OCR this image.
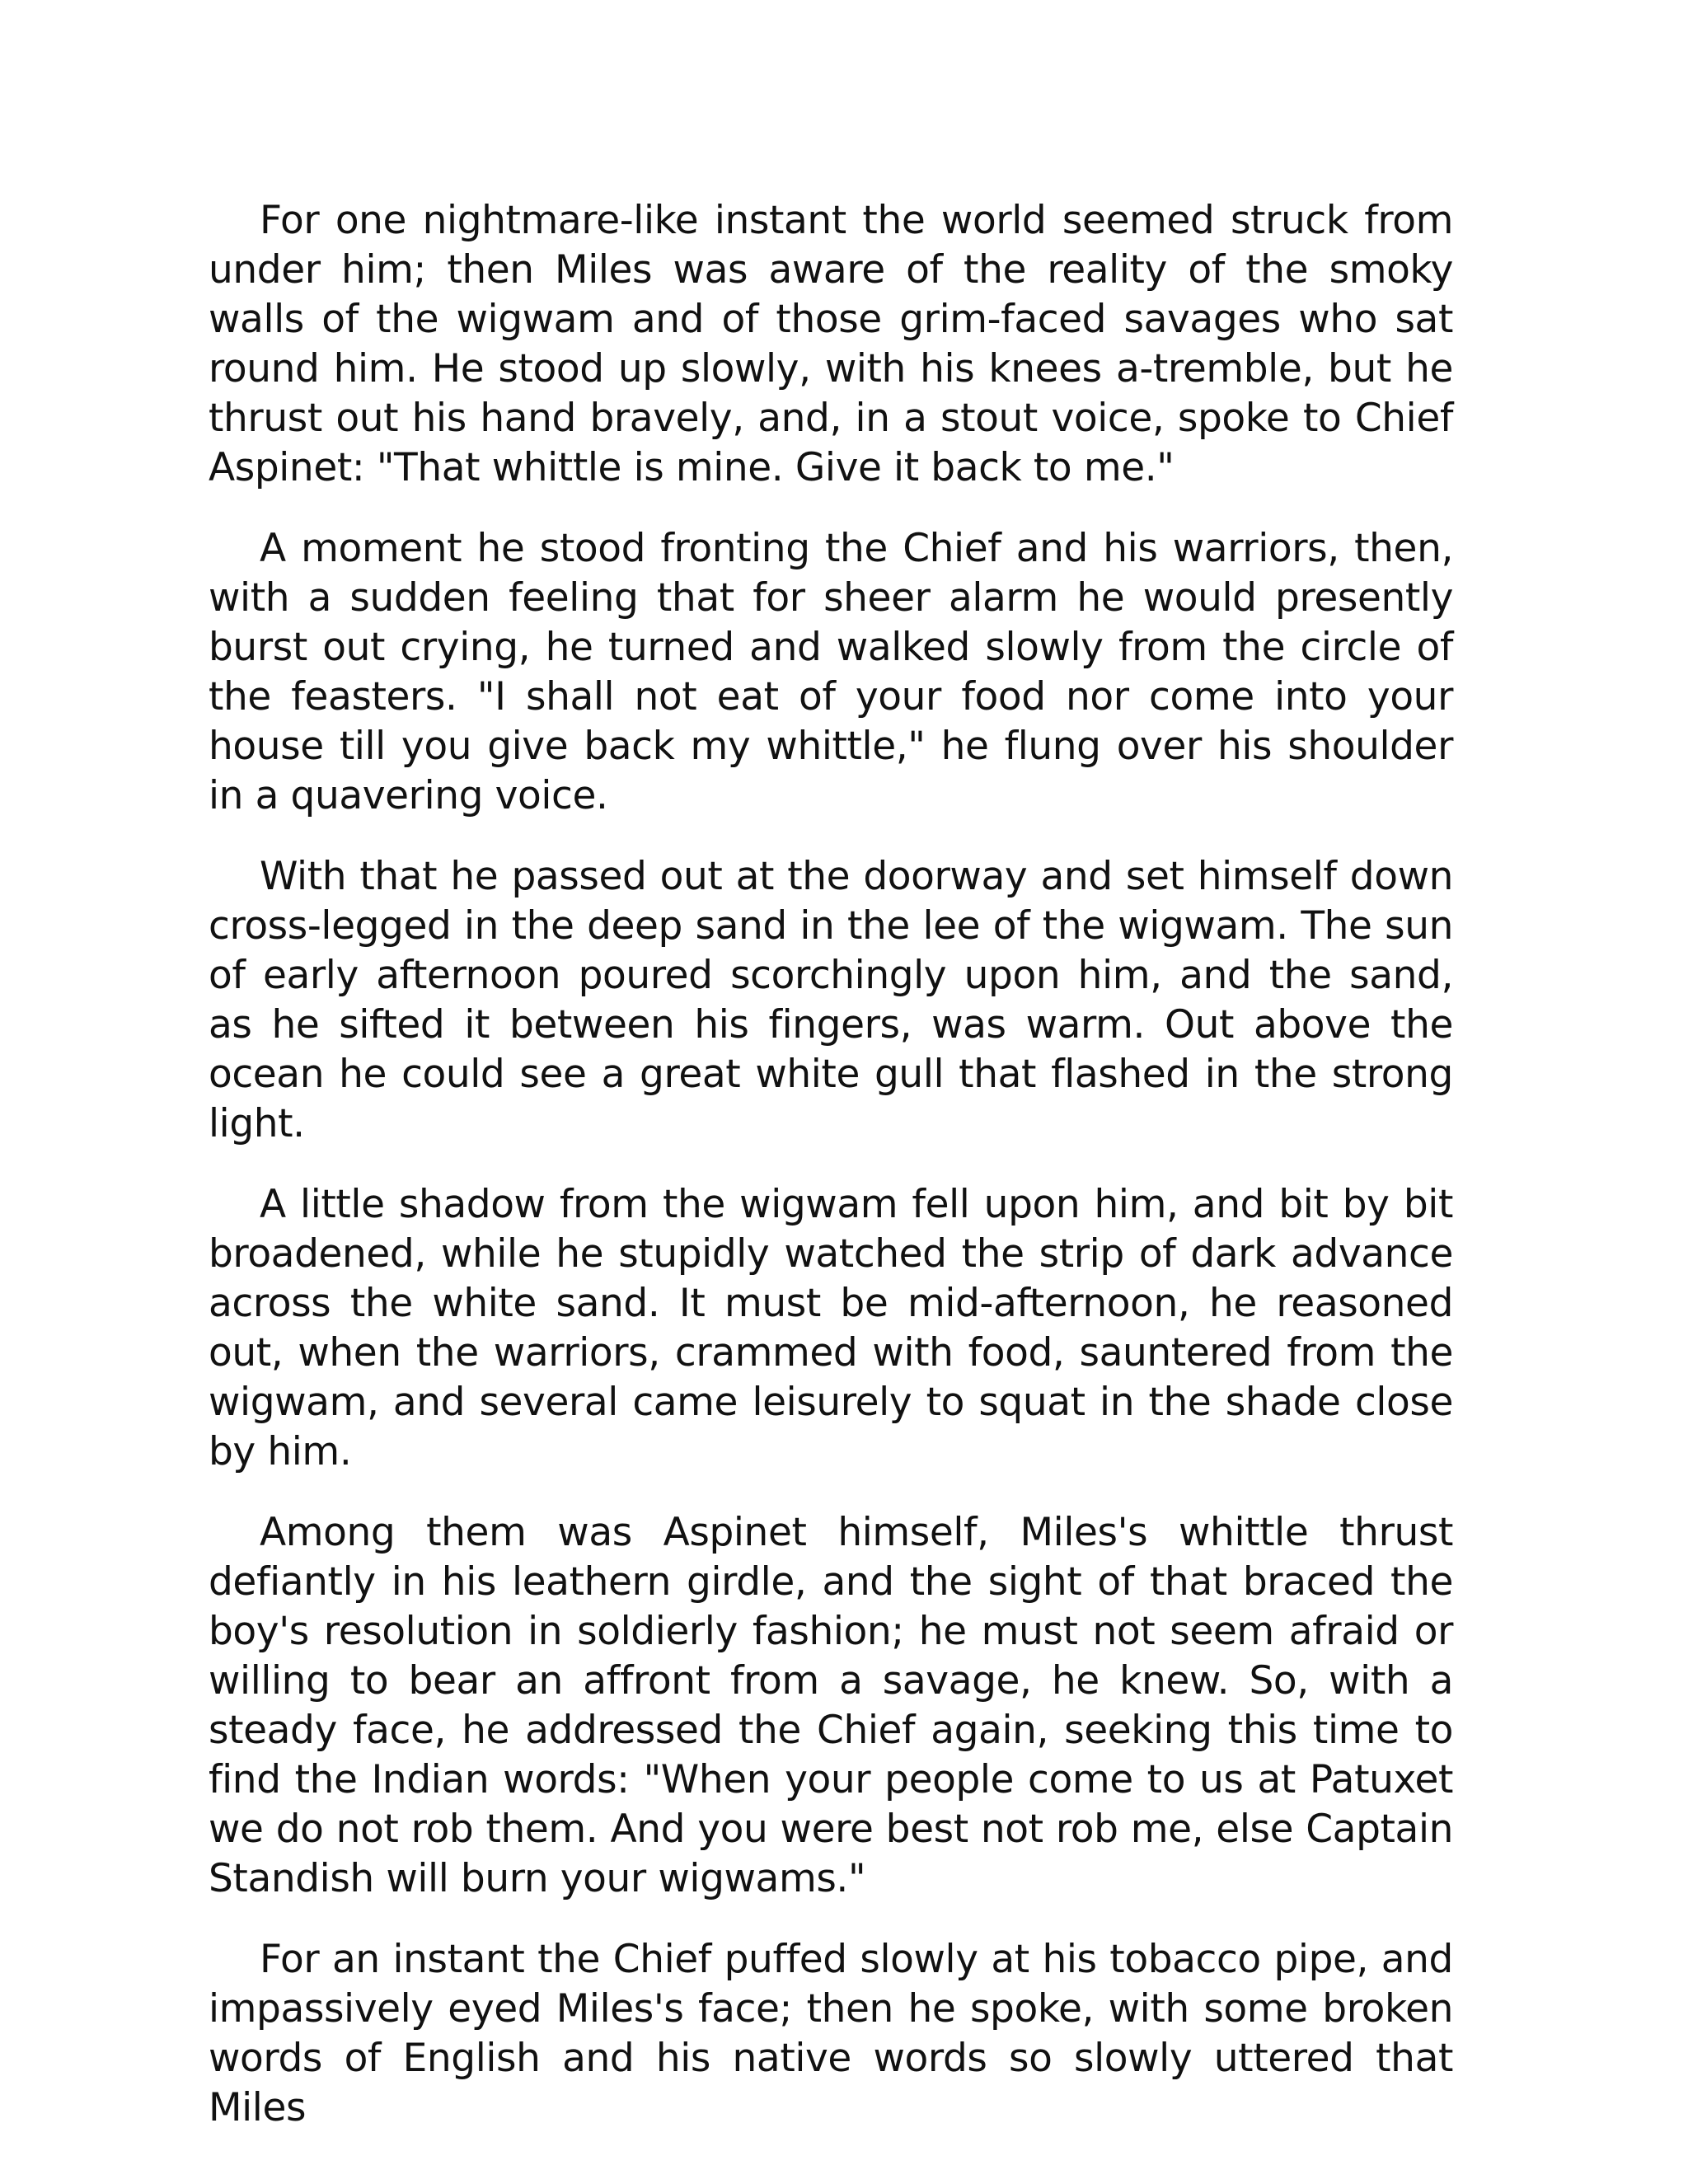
For one nightmare-like instant the world seemed struck from under him; then Miles was aware of the reality of the smoky walls of the wigwam and of those grim-faced savages who sat round him. He stood up slowly, with his knees a-tremble, but he thrust out his hand bravely, and, in a stout voice, spoke to Chief Aspinet: "That whittle is mine. Give it back to me."

A moment he stood fronting the Chief and his warriors, then, with a sudden feeling that for sheer alarm he would presently burst out crying, he turned and walked slowly from the circle of the feasters. "I shall not eat of your food nor come into your house till you give back my whittle," he flung over his shoulder in a quavering voice.

With that he passed out at the doorway and set himself down cross-legged in the deep sand in the lee of the wigwam. The sun of early afternoon poured scorchingly upon him, and the sand, as he sifted it between his fingers, was warm. Out above the ocean he could see a great white gull that flashed in the strong light.

A little shadow from the wigwam fell upon him, and bit by bit broadened, while he stupidly watched the strip of dark advance across the white sand. It must be mid-afternoon, he reasoned out, when the warriors, crammed with food, sauntered from the wigwam, and several came leisurely to squat in the shade close by him.

Among them was Aspinet himself, Miles's whittle thrust defiantly in his leathern girdle, and the sight of that braced the boy's resolution in soldierly fashion; he must not seem afraid or willing to bear an affront from a savage, he knew. So, with a steady face, he addressed the Chief again, seeking this time to find the Indian words: "When your people come to us at Patuxet we do not rob them. And you were best not rob me, else Captain Standish will burn your wigwams."

For an instant the Chief puffed slowly at his tobacco pipe, and impassively eyed Miles's face; then he spoke, with some broken words of English and his native words so slowly uttered that Miles
